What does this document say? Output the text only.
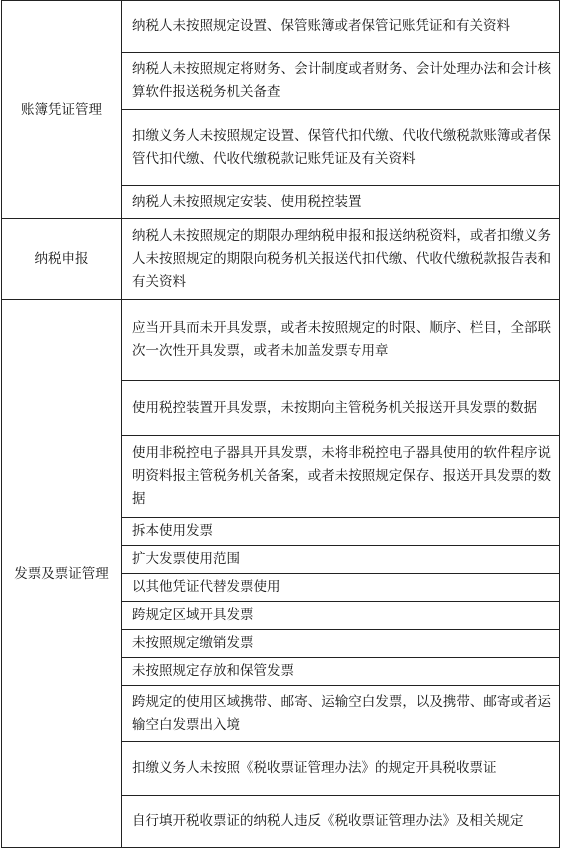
账簿凭证管理	纳税人未按照规定设置、保管账簿或者保管记账凭证和有关资料
	纳税人未按照规定将财务、会计制度或者财务、会计处理办法和会计核算软件报送税务机关备查
	扣缴义务人未按照规定设置、保管代扣代缴、代收代缴税款账簿或者保管代扣代缴、代收代缴税款记账凭证及有关资料
	纳税人未按照规定安装、使用税控装置
纳税申报	纳税人未按照规定的期限办理纳税申报和报送纳税资料，或者扣缴义务人未按照规定的期限向税务机关报送代扣代缴、代收代缴税款报告表和有关资料
发票及票证管理	应当开具而未开具发票，或者未按照规定的时限、顺序、栏目，全部联次一次性开具发票，或者未加盖发票专用章
	使用税控装置开具发票，未按期向主管税务机关报送开具发票的数据
	使用非税控电子器具开具发票，未将非税控电子器具使用的软件程序说明资料报主管税务机关备案，或者未按照规定保存、报送开具发票的数据
	拆本使用发票
	扩大发票使用范围
	以其他凭证代替发票使用
	跨规定区域开具发票
	未按照规定缴销发票
	未按照规定存放和保管发票
	跨规定的使用区域携带、邮寄、运输空白发票，以及携带、邮寄或者运输空白发票出入境
	扣缴义务人未按照《税收票证管理办法》的规定开具税收票证
	自行填开税收票证的纳税人违反《税收票证管理办法》及相关规定
